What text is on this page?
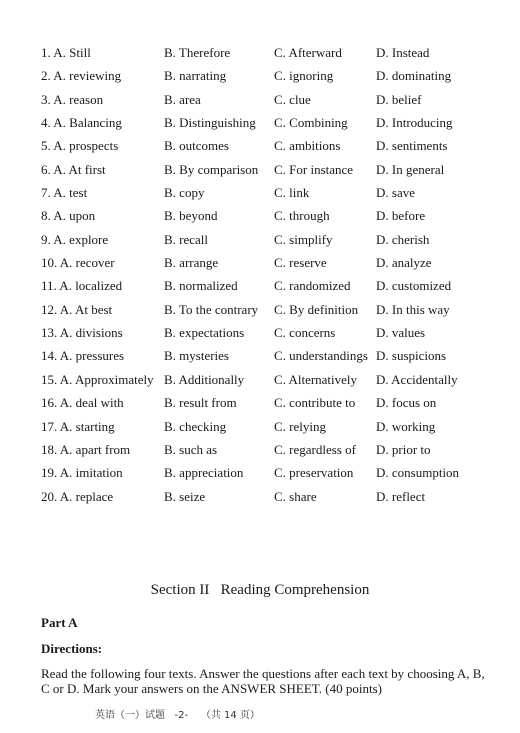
1. A. Still	B. Therefore	C. Afterward	D. Instead
2. A. reviewing	B. narrating	C. ignoring	D. dominating
3. A. reason	B. area	C. clue	D. belief
4. A. Balancing	B. Distinguishing C. Combining D. Introducing
5. A. prospects	B. outcomes	C. ambitions	D. sentiments
6. A. At first	B. By comparison C. For instance D. In general
7. A. test	B. copy	C. link	D. save
8. A. upon	B. beyond	C. through	D. before
9. A. explore	B. recall	C. simplify	D. cherish
10. A. recover	B. arrange	C. reserve	D. analyze
11. A. localized	B. normalized	C. randomized D. customized
12. A. At best	B. To the contrary C. By definition D. In this way
13. A. divisions	B. expectations C. concerns	D. values
14. A. pressures	B. mysteries	C. understandings D. suspicions
15. A. Approximately B. Additionally C. Alternatively D. Accidentally
16. A. deal with	B. result from	C. contribute to D. focus on
17. A. starting	B. checking	C. relying	D. working
18. A. apart from	B. such as	C. regardless of D. prior to
19. A. imitation	B. appreciation C. preservation D. consumption
20. A. replace	B. seize	C. share	D. reflect
Section II   Reading Comprehension
Part A
Directions:
Read the following four texts. Answer the questions after each text by choosing A, B, C or D. Mark your answers on the ANSWER SHEET. (40 points)
英语（一）试题   -2-    （共 14 页）
